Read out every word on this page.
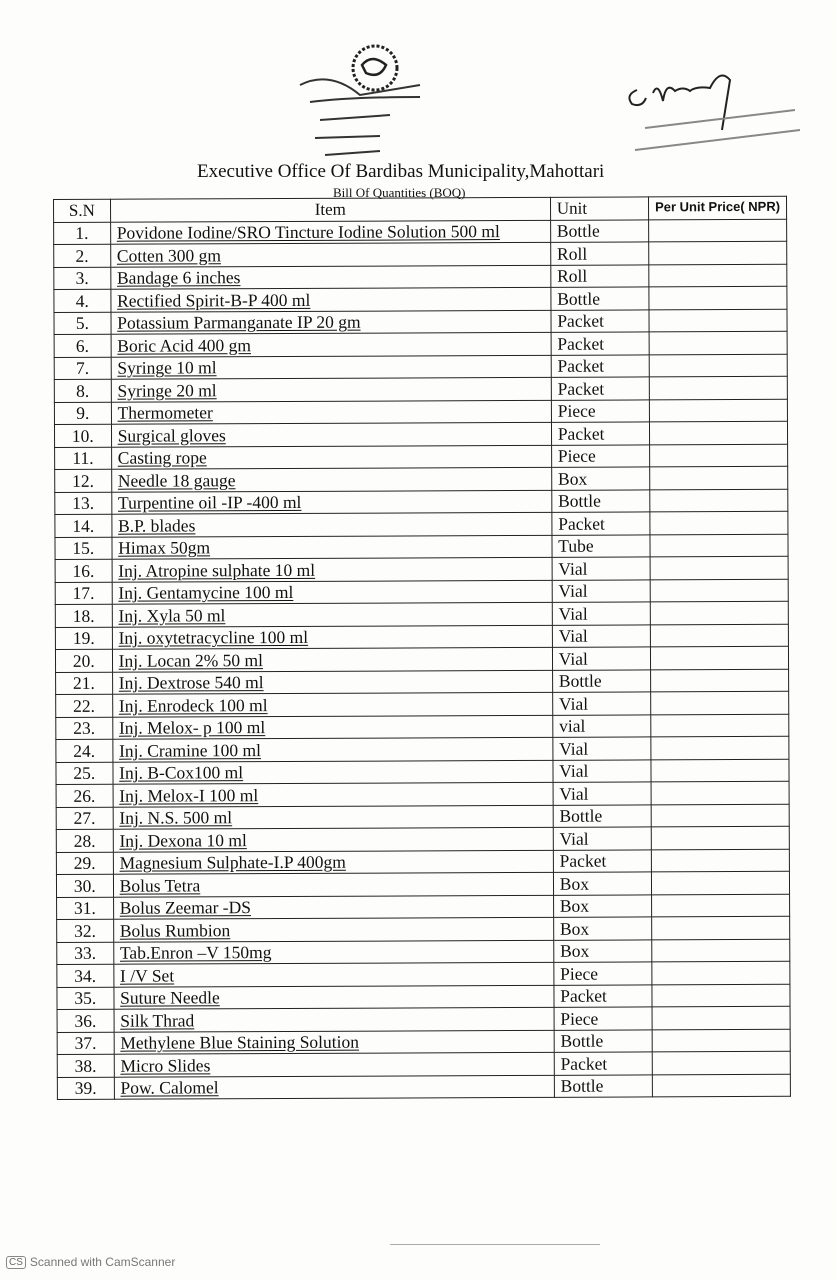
Executive Office Of Bardibas Municipality,Mahottari
Bill Of Quantities (BOQ)
S.N	Item	Unit	Per Unit Price( NPR)
1.	Povidone Iodine/SRO Tincture Iodine Solution 500 ml	Bottle	
2.	Cotten 300 gm	Roll	
3.	Bandage 6 inches	Roll	
4.	Rectified Spirit-B-P 400 ml	Bottle	
5.	Potassium Parmanganate IP 20 gm	Packet	
6.	Boric Acid 400 gm	Packet	
7.	Syringe 10 ml	Packet	
8.	Syringe 20 ml	Packet	
9.	Thermometer	Piece	
10.	Surgical gloves	Packet	
11.	Casting rope	Piece	
12.	Needle 18 gauge	Box	
13.	Turpentine oil -IP -400 ml	Bottle	
14.	B.P. blades	Packet	
15.	Himax 50gm	Tube	
16.	Inj. Atropine sulphate 10 ml	Vial	
17.	Inj. Gentamycine 100 ml	Vial	
18.	Inj. Xyla 50 ml	Vial	
19.	Inj. oxytetracycline 100 ml	Vial	
20.	Inj. Locan 2% 50 ml	Vial	
21.	Inj. Dextrose 540 ml	Bottle	
22.	Inj. Enrodeck 100 ml	Vial	
23.	Inj. Melox- p 100 ml	vial	
24.	Inj. Cramine 100 ml	Vial	
25.	Inj. B-Cox100 ml	Vial	
26.	Inj. Melox-I 100 ml	Vial	
27.	Inj. N.S. 500 ml	Bottle	
28.	Inj. Dexona 10 ml	Vial	
29.	Magnesium Sulphate-I.P 400gm	Packet	
30.	Bolus Tetra	Box	
31.	Bolus Zeemar -DS	Box	
32.	Bolus Rumbion	Box	
33.	Tab.Enron –V 150mg	Box	
34.	I /V Set	Piece	
35.	Suture Needle	Packet	
36.	Silk Thrad	Piece	
37.	Methylene Blue Staining Solution	Bottle	
38.	Micro Slides	Packet	
39.	Pow. Calomel	Bottle	
CS Scanned with CamScanner
